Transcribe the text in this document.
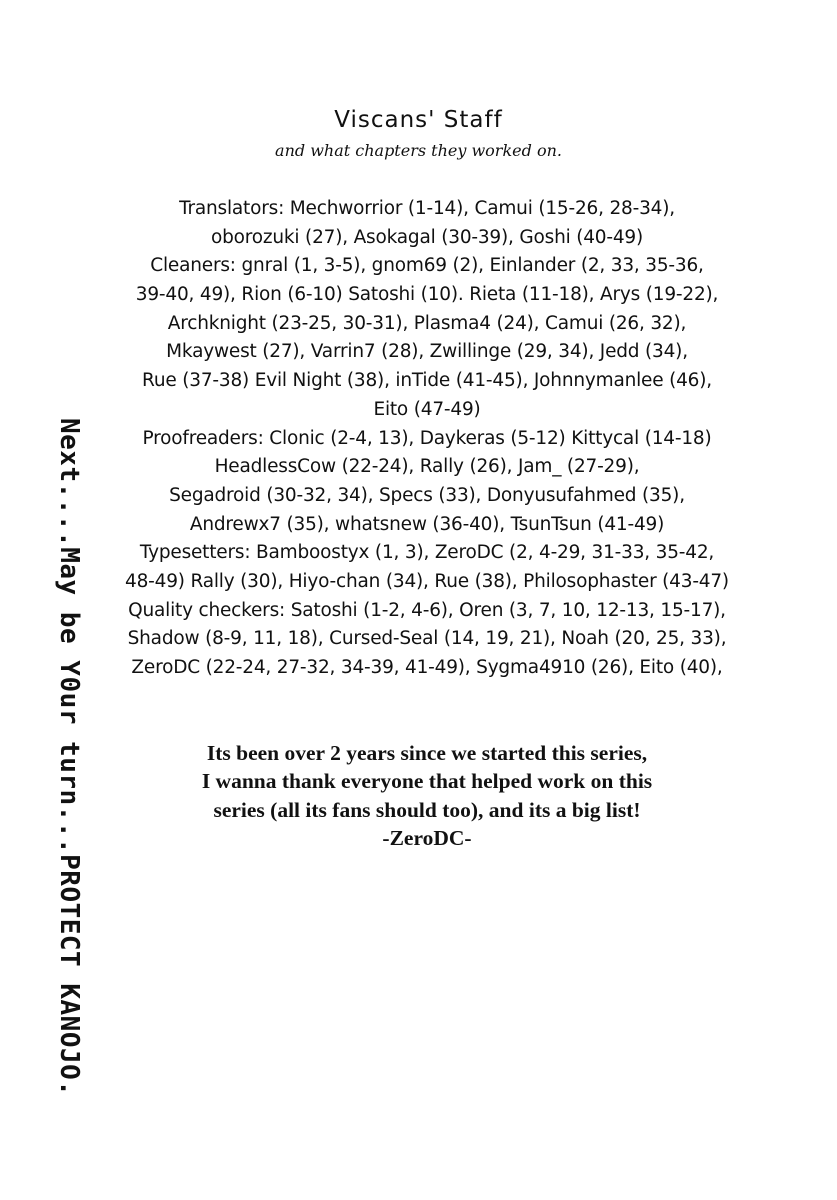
Viscans' Staff
and what chapters they worked on.
Translators: Mechworrior (1-14), Camui (15-26, 28-34),
oborozuki (27), Asokagal (30-39), Goshi (40-49)
Cleaners: gnral (1, 3-5), gnom69 (2), Einlander (2, 33, 35-36,
39-40, 49), Rion (6-10) Satoshi (10). Rieta (11-18), Arys (19-22),
Archknight (23-25, 30-31), Plasma4 (24), Camui (26, 32),
Mkaywest (27), Varrin7 (28), Zwillinge (29, 34), Jedd (34),
Rue (37-38) Evil Night (38), inTide (41-45), Johnnymanlee (46),
Eito (47-49)
Proofreaders: Clonic (2-4, 13), Daykeras (5-12) Kittycal (14-18)
HeadlessCow (22-24), Rally (26), Jam_ (27-29),
Segadroid (30-32, 34), Specs (33), Donyusufahmed (35),
Andrewx7 (35), whatsnew (36-40), TsunTsun (41-49)
Typesetters: Bamboostyx (1, 3), ZeroDC (2, 4-29, 31-33, 35-42,
48-49) Rally (30), Hiyo-chan (34), Rue (38), Philosophaster (43-47)
Quality checkers: Satoshi (1-2, 4-6), Oren (3, 7, 10, 12-13, 15-17),
Shadow (8-9, 11, 18), Cursed-Seal (14, 19, 21), Noah (20, 25, 33),
ZeroDC (22-24, 27-32, 34-39, 41-49), Sygma4910 (26), Eito (40),
Its been over 2 years since we started this series,
I wanna thank everyone that helped work on this
series (all its fans should too), and its a big list!
-ZeroDC-
Next....May be Y0ur turn...PROTECT KANOJO.
